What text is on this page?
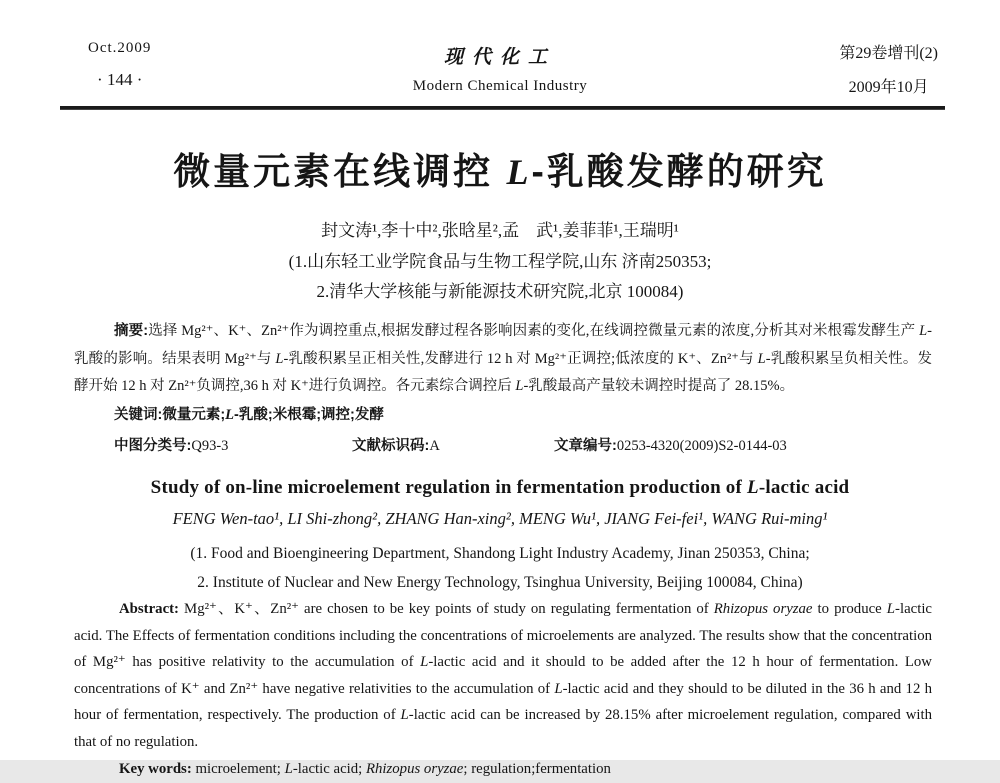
Oct.2009
· 144 ·
现代化工
Modern Chemical Industry
第29卷增刊(2)
2009年10月
微量元素在线调控 L-乳酸发酵的研究
封文涛¹,李十中²,张晗星²,孟　武¹,姜菲菲¹,王瑞明¹
(1.山东轻工业学院食品与生物工程学院,山东 济南250353;
2.清华大学核能与新能源技术研究院,北京 100084)

摘要:选择 Mg²⁺、K⁺、Zn²⁺作为调控重点,根据发酵过程各影响因素的变化,在线调控微量元素的浓度,分析其对米根霉发酵生产 L-乳酸的影响。结果表明 Mg²⁺与 L-乳酸积累呈正相关性,发酵进行 12 h 对 Mg²⁺正调控;低浓度的 K⁺、Zn²⁺与 L-乳酸积累呈负相关性。发酵开始 12 h 对 Zn²⁺负调控,36 h 对 K⁺进行负调控。各元素综合调控后 L-乳酸最高产量较未调控时提高了 28.15%。

关键词:微量元素;L-乳酸;米根霉;调控;发酵
中图分类号:Q93-3	文献标识码:A	文章编号:0253-4320(2009)S2-0144-03
Study of on-line microelement regulation in fermentation production of L-lactic acid
FENG Wen-tao¹, LI Shi-zhong², ZHANG Han-xing², MENG Wu¹, JIANG Fei-fei¹, WANG Rui-ming¹
(1. Food and Bioengineering Department, Shandong Light Industry Academy, Jinan 250353, China;
2. Institute of Nuclear and New Energy Technology, Tsinghua University, Beijing 100084, China)

Abstract: Mg²⁺、K⁺、Zn²⁺ are chosen to be key points of study on regulating fermentation of Rhizopus oryzae to produce L-lactic acid. The Effects of fermentation conditions including the concentrations of microelements are analyzed. The results show that the concentration of Mg²⁺ has positive relativity to the accumulation of L-lactic acid and it should to be added after the 12 h hour of fermentation. Low concentrations of K⁺ and Zn²⁺ have negative relativities to the accumulation of L-lactic acid and they should to be diluted in the 36 h and 12 h hour of fermentation, respectively. The production of L-lactic acid can be increased by 28.15% after microelement regulation, compared with that of no regulation.

Key words: microelement; L-lactic acid; Rhizopus oryzae; regulation;fermentation
